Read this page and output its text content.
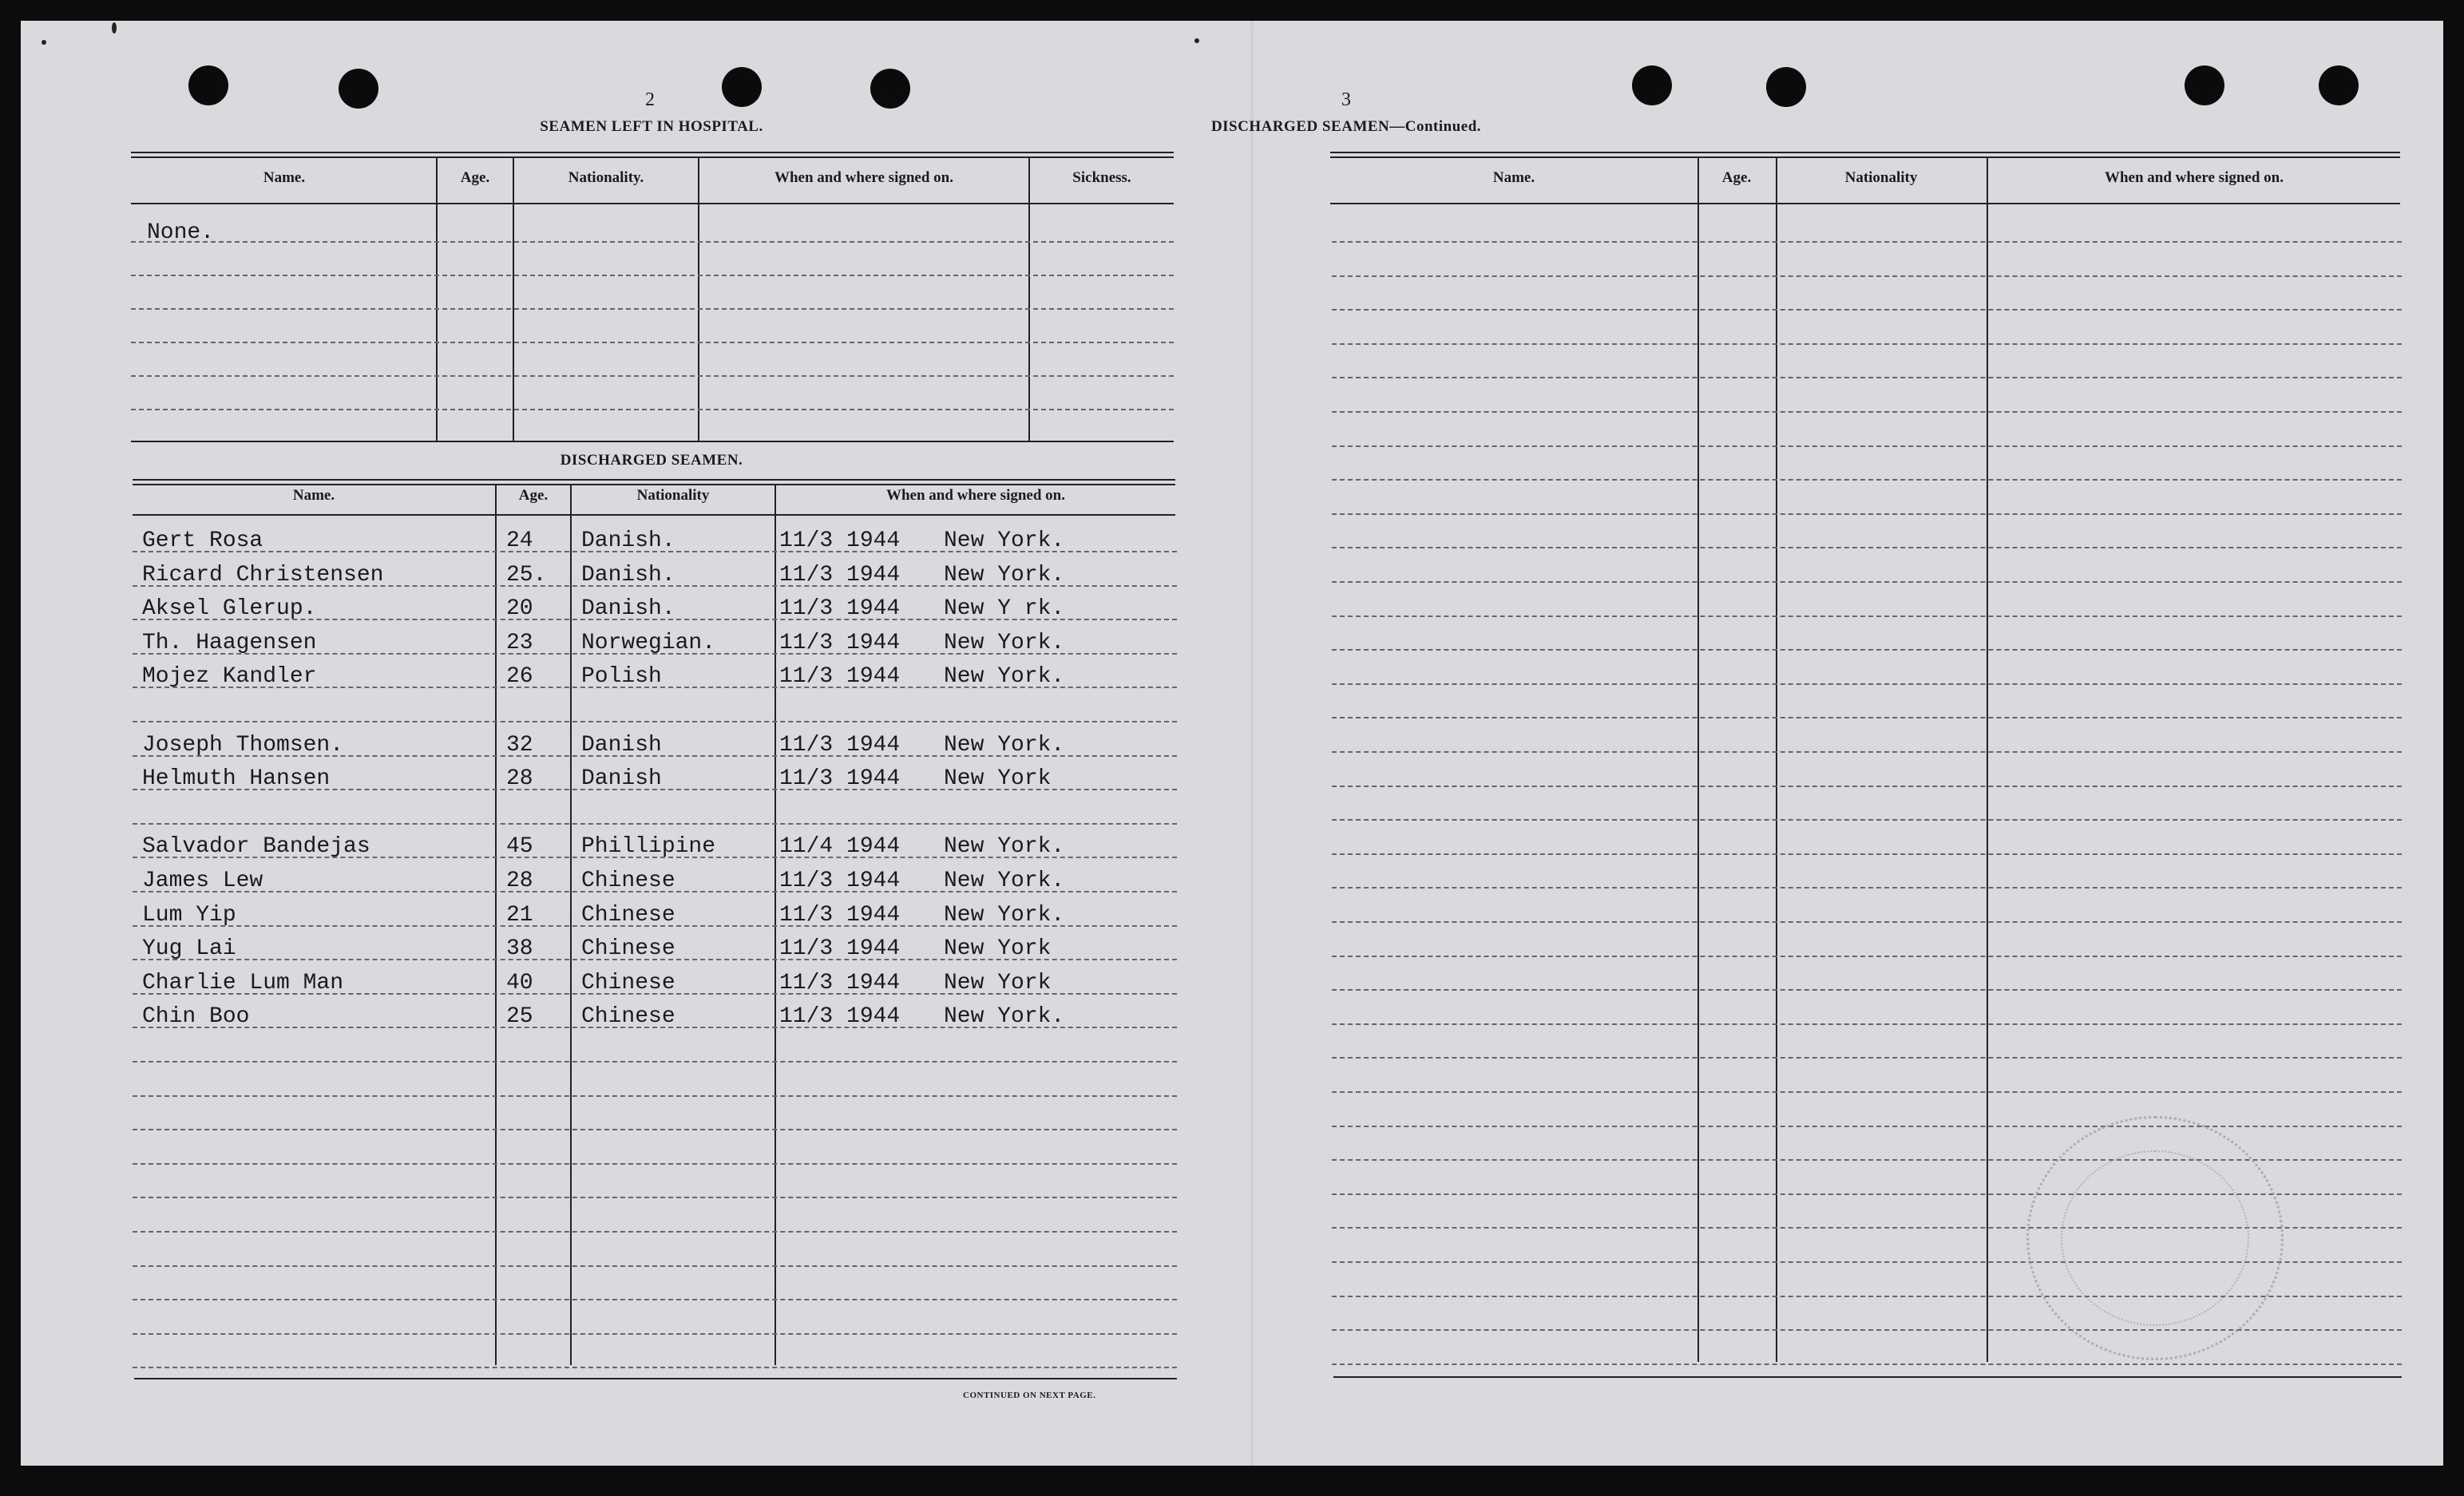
2
SEAMEN LEFT IN HOSPITAL.
Name.	Age.	Nationality.	When and where signed on.	Sickness.
None.
DISCHARGED SEAMEN.
Name.	Age.	Nationality	When and where signed on.
Gert Rosa	24 Danish.	11/3 1944 New York.
Ricard Christensen	25. Danish.	11/3 1944 New York.
Aksel Glerup.	20 Danish.	11/3 1944 New Y rk.
Th. Haagensen	23 Norwegian.	11/3 1944 New York.
Mojez Kandler	26 Polish	11/3 1944 New York.
Joseph Thomsen.	32 Danish	11/3 1944 New York.
Helmuth Hansen	28 Danish	11/3 1944 New York
Salvador Bandejas	45 Phillipine	11/4 1944 New York.
James Lew	28 Chinese	11/3 1944 New York.
Lum Yip	21 Chinese	11/3 1944 New York.
Yug Lai	38 Chinese	11/3 1944 New York
Charlie Lum Man	40 Chinese	11/3 1944 New York
Chin Boo	25 Chinese	11/3 1944 New York.
CONTINUED ON NEXT PAGE.
3
DISCHARGED SEAMEN—Continued.
Name.	Age.	Nationality	When and where signed on.
